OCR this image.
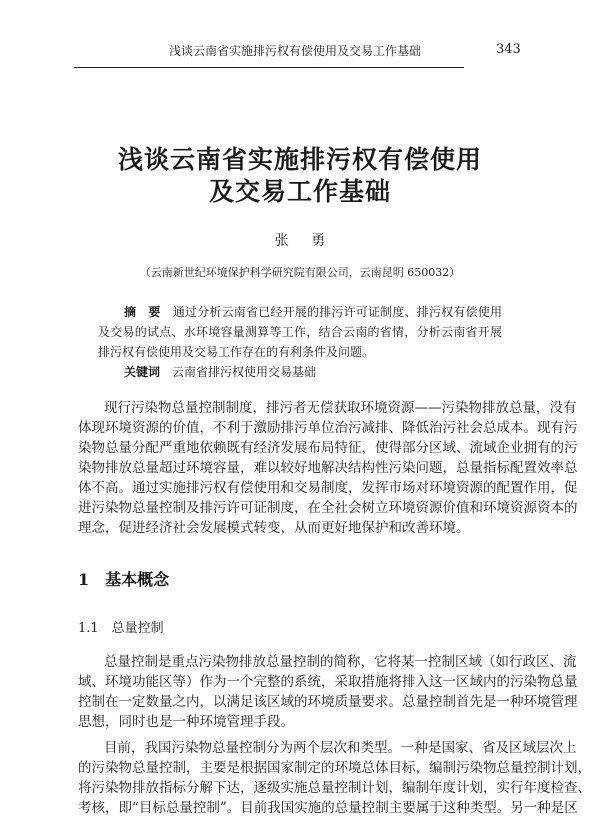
浅谈云南省实施排污权有偿使用及交易工作基础	343
浅谈云南省实施排污权有偿使用
及交易工作基础
张 勇
（云南新世纪环境保护科学研究院有限公司，云南昆明 650032）
摘　要　 通过分析云南省已经开展的排污许可证制度、排污权有偿使用
及交易的试点、水环境容量测算等工作，结合云南的省情，分析云南省开展
排污权有偿使用及交易工作存在的有利条件及问题。
关键词　 云南省排污权使用交易基础
现行污染物总量控制制度，排污者无偿获取环境资源——污染物排放总量，没有
体现环境资源的价值，不利于激励排污单位治污减排、降低治污社会总成本。现有污
染物总量分配严重地依赖既有经济发展布局特征，使得部分区域、流域企业拥有的污
染物排放总量超过环境容量，难以较好地解决结构性污染问题，总量指标配置效率总
体不高。通过实施排污权有偿使用和交易制度，发挥市场对环境资源的配置作用，促
进污染物总量控制及排污许可证制度，在全社会树立环境资源价值和环境资源资本的
理念，促进经济社会发展模式转变，从而更好地保护和改善环境。
1　基本概念
1.1　总量控制
总量控制是重点污染物排放总量控制的简称，它将某一控制区域（如行政区、流
域、环境功能区等）作为一个完整的系统，采取措施将排入这一区域内的污染物总量
控制在一定数量之内，以满足该区域的环境质量要求。总量控制首先是一种环境管理
思想，同时也是一种环境管理手段。
目前，我国污染物总量控制分为两个层次和类型。一种是国家、省及区域层次上
的污染物总量控制，主要是根据国家制定的环境总体目标，编制污染物总量控制计划，
将污染物排放指标分解下达，逐级实施总量控制计划，编制年度计划，实行年度检查、
考核，即“目标总量控制”。目前我国实施的总量控制主要属于这种类型。另一种是区
